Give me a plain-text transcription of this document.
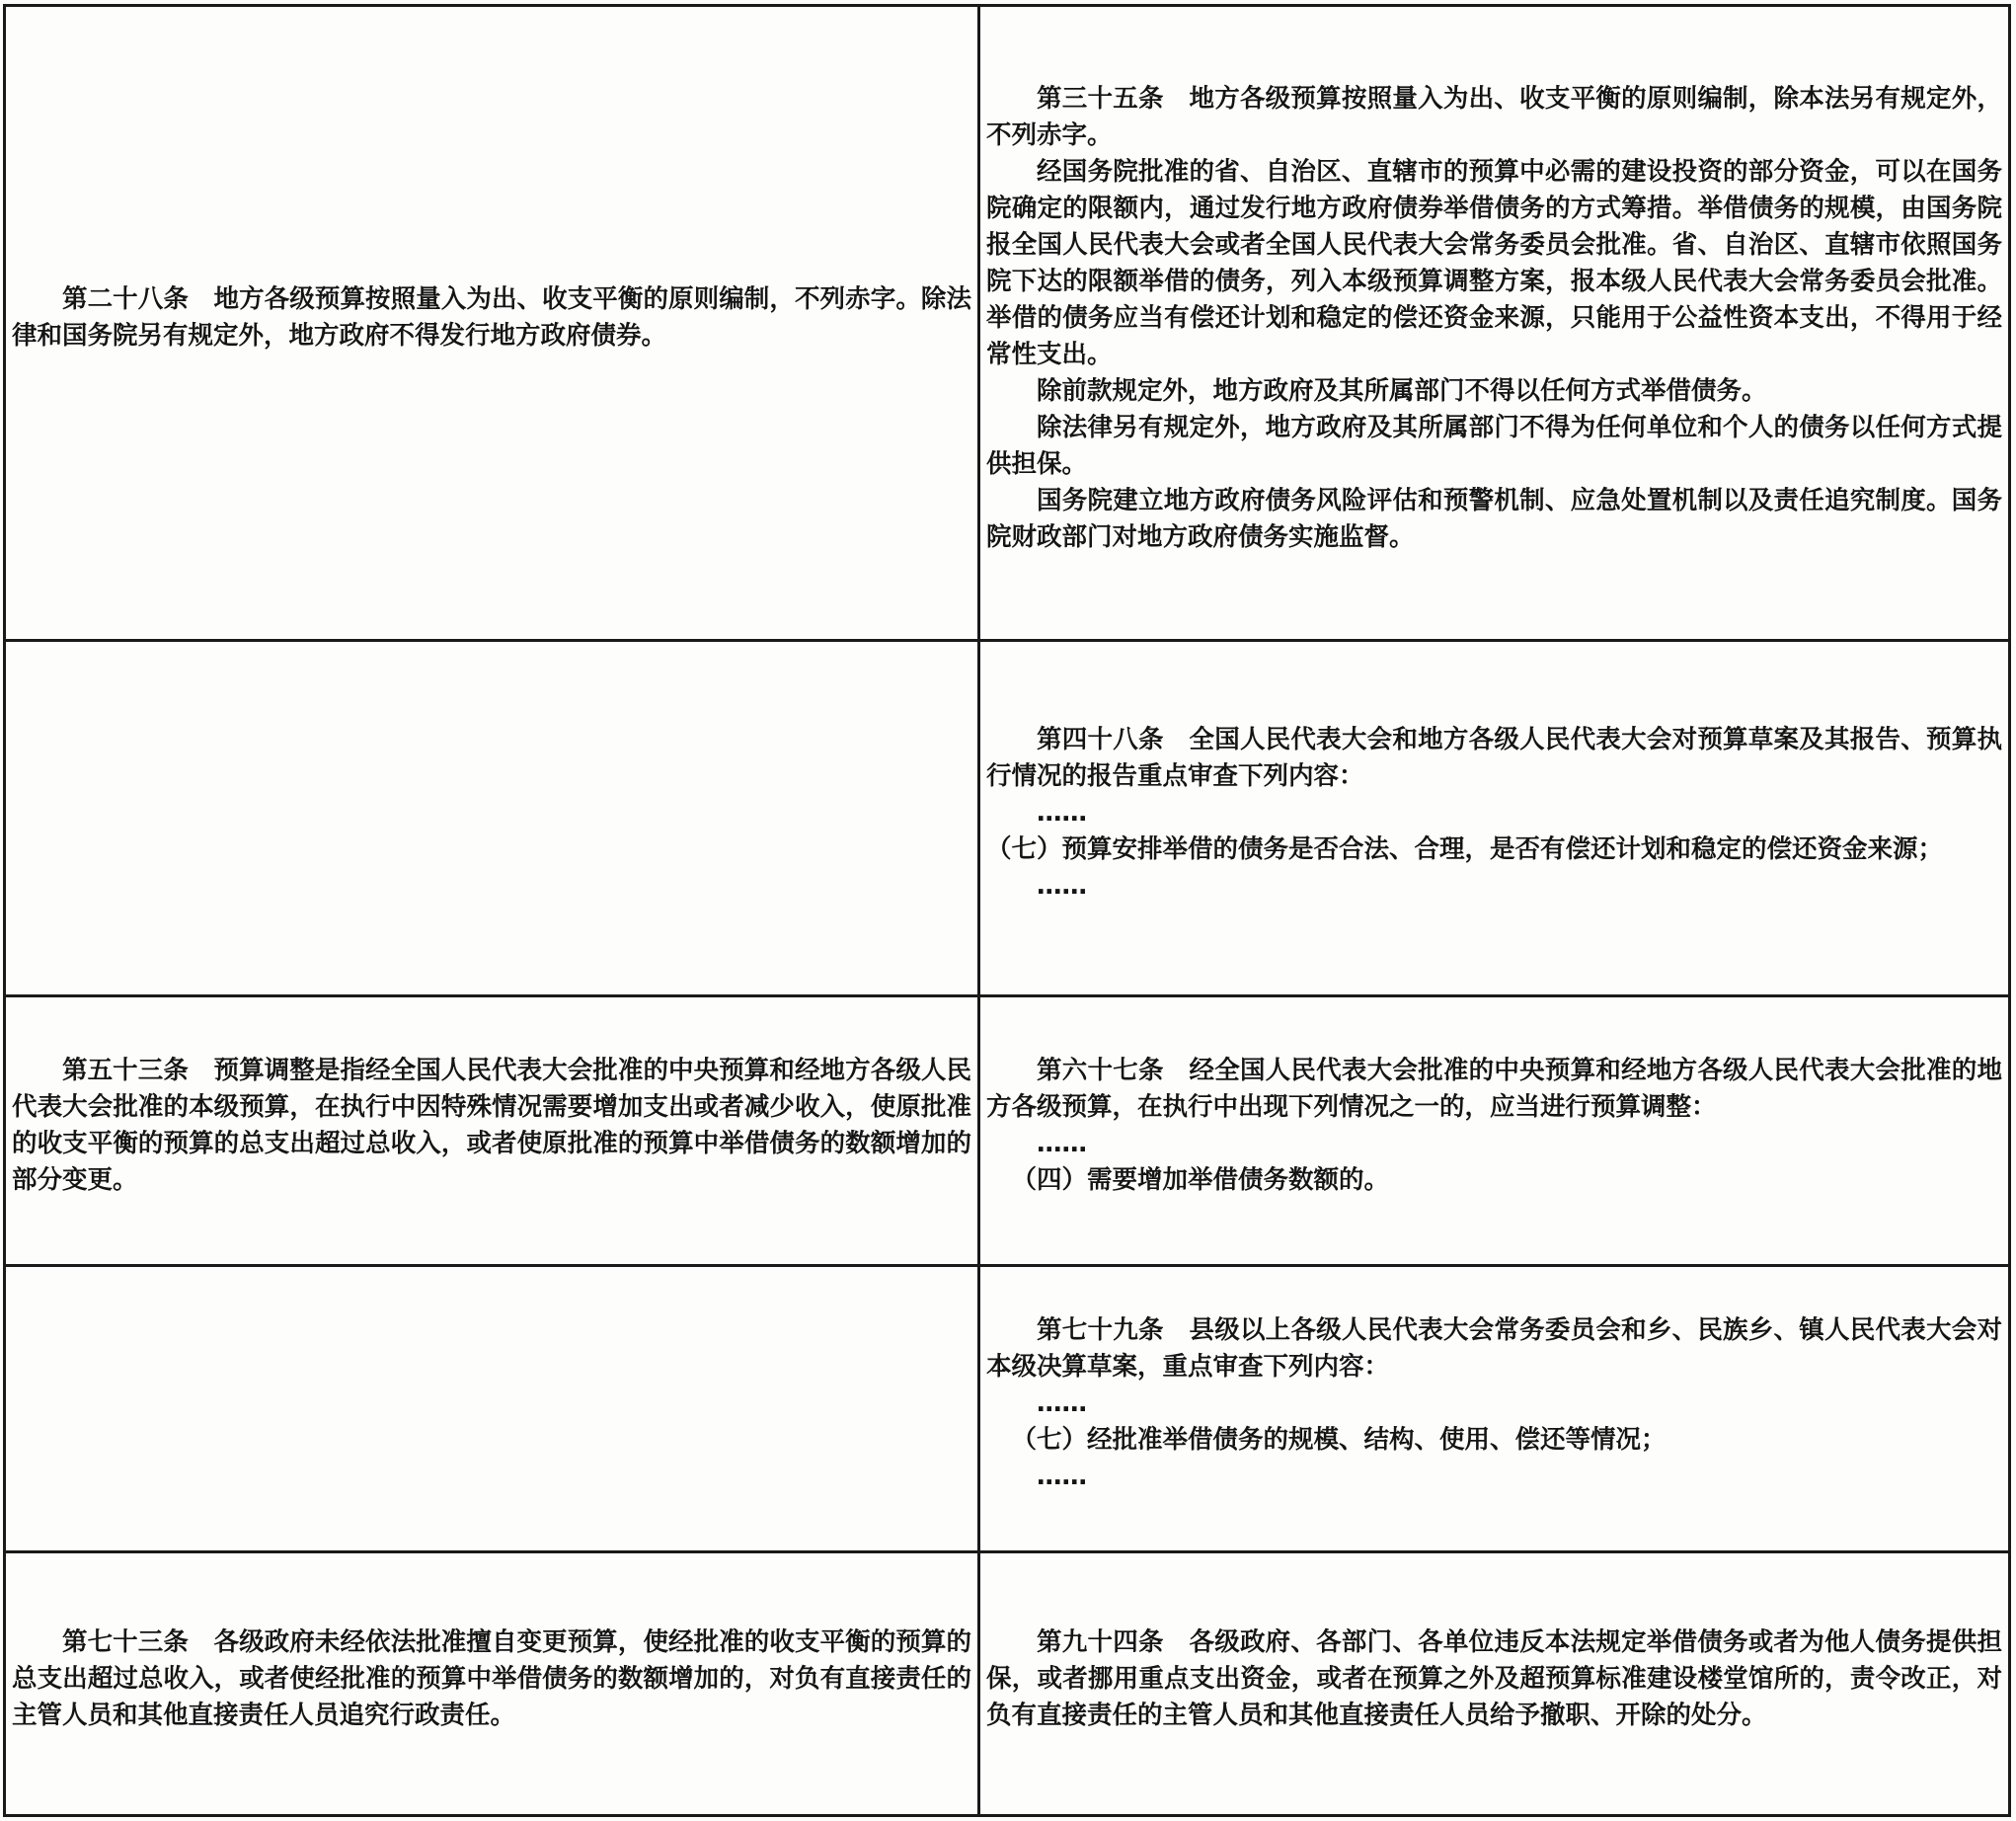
第二十八条　地方各级预算按照量入为出、收支平衡的原则编制，不列赤字。除法律和国务院另有规定外，地方政府不得发行地方政府债券。

第三十五条　地方各级预算按照量入为出、收支平衡的原则编制，除本法另有规定外，不列赤字。

经国务院批准的省、自治区、直辖市的预算中必需的建设投资的部分资金，可以在国务院确定的限额内，通过发行地方政府债券举借债务的方式筹措。举借债务的规模，由国务院报全国人民代表大会或者全国人民代表大会常务委员会批准。省、自治区、直辖市依照国务院下达的限额举借的债务，列入本级预算调整方案，报本级人民代表大会常务委员会批准。举借的债务应当有偿还计划和稳定的偿还资金来源，只能用于公益性资本支出，不得用于经常性支出。

除前款规定外，地方政府及其所属部门不得以任何方式举借债务。

除法律另有规定外，地方政府及其所属部门不得为任何单位和个人的债务以任何方式提供担保。

国务院建立地方政府债务风险评估和预警机制、应急处置机制以及责任追究制度。国务院财政部门对地方政府债务实施监督。

第四十八条　全国人民代表大会和地方各级人民代表大会对预算草案及其报告、预算执行情况的报告重点审查下列内容：

……

（七）预算安排举借的债务是否合法、合理，是否有偿还计划和稳定的偿还资金来源；

……

第五十三条　预算调整是指经全国人民代表大会批准的中央预算和经地方各级人民代表大会批准的本级预算，在执行中因特殊情况需要增加支出或者减少收入，使原批准的收支平衡的预算的总支出超过总收入，或者使原批准的预算中举借债务的数额增加的部分变更。

第六十七条　经全国人民代表大会批准的中央预算和经地方各级人民代表大会批准的地方各级预算，在执行中出现下列情况之一的，应当进行预算调整：

……

（四）需要增加举借债务数额的。

第七十九条　县级以上各级人民代表大会常务委员会和乡、民族乡、镇人民代表大会对本级决算草案，重点审查下列内容：

……

（七）经批准举借债务的规模、结构、使用、偿还等情况；

……

第七十三条　各级政府未经依法批准擅自变更预算，使经批准的收支平衡的预算的总支出超过总收入，或者使经批准的预算中举借债务的数额增加的，对负有直接责任的主管人员和其他直接责任人员追究行政责任。

第九十四条　各级政府、各部门、各单位违反本法规定举借债务或者为他人债务提供担保，或者挪用重点支出资金，或者在预算之外及超预算标准建设楼堂馆所的，责令改正，对负有直接责任的主管人员和其他直接责任人员给予撤职、开除的处分。
